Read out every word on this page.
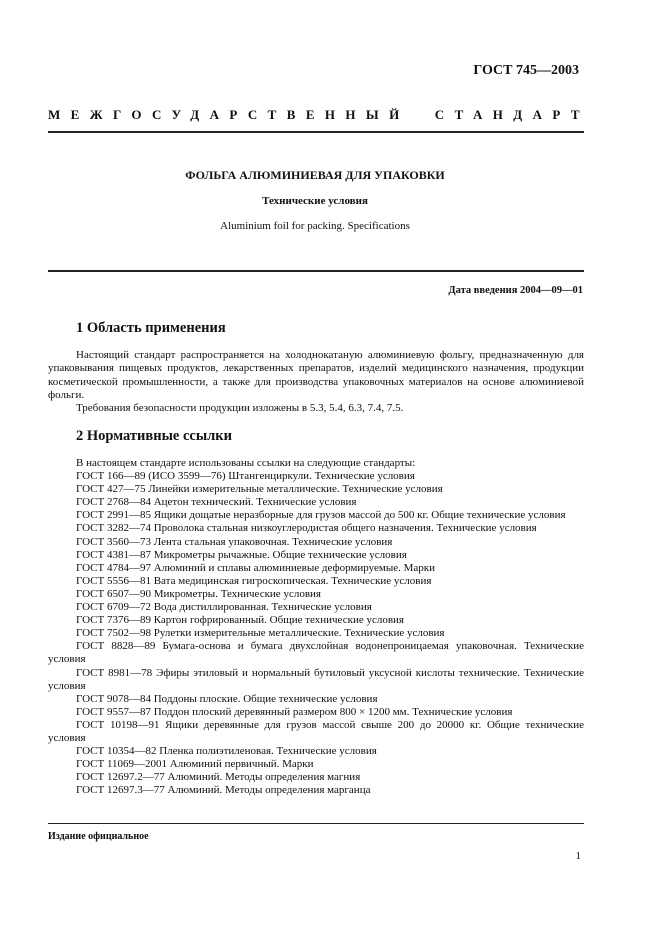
ГОСТ 745—2003
МЕЖГОСУДАРСТВЕННЫЙ СТАНДАРТ
ФОЛЬГА АЛЮМИНИЕВАЯ ДЛЯ УПАКОВКИ
Технические условия
Aluminium foil for packing. Specifications
Дата введения 2004—09—01
1 Область применения

Настоящий стандарт распространяется на холоднокатаную алюминиевую фольгу, предназначенную для упаковывания пищевых продуктов, лекарственных препаратов, изделий медицинского назначения, продукции косметической промышленности, а также для производства упаковочных материалов на основе алюминиевой фольги.

Требования безопасности продукции изложены в 5.3, 5.4, 6.3, 7.4, 7.5.

2 Нормативные ссылки

В настоящем стандарте использованы ссылки на следующие стандарты:

ГОСТ 166—89 (ИСО 3599—76) Штангенциркули. Технические условия

ГОСТ 427—75 Линейки измерительные металлические. Технические условия

ГОСТ 2768—84 Ацетон технический. Технические условия

ГОСТ 2991—85 Ящики дощатые неразборные для грузов массой до 500 кг. Общие технические условия

ГОСТ 3282—74 Проволока стальная низкоуглеродистая общего назначения. Технические условия

ГОСТ 3560—73 Лента стальная упаковочная. Технические условия

ГОСТ 4381—87 Микрометры рычажные. Общие технические условия

ГОСТ 4784—97 Алюминий и сплавы алюминиевые деформируемые. Марки

ГОСТ 5556—81 Вата медицинская гигроскопическая. Технические условия

ГОСТ 6507—90 Микрометры. Технические условия

ГОСТ 6709—72 Вода дистиллированная. Технические условия

ГОСТ 7376—89 Картон гофрированный. Общие технические условия

ГОСТ 7502—98 Рулетки измерительные металлические. Технические условия

ГОСТ 8828—89 Бумага-основа и бумага двухслойная водонепроницаемая упаковочная. Технические условия

ГОСТ 8981—78 Эфиры этиловый и нормальный бутиловый уксусной кислоты технические. Технические условия

ГОСТ 9078—84 Поддоны плоские. Общие технические условия

ГОСТ 9557—87 Поддон плоский деревянный размером 800 × 1200 мм. Технические условия

ГОСТ 10198—91 Ящики деревянные для грузов массой свыше 200 до 20000 кг. Общие технические условия

ГОСТ 10354—82 Пленка полиэтиленовая. Технические условия

ГОСТ 11069—2001 Алюминий первичный. Марки

ГОСТ 12697.2—77 Алюминий. Методы определения магния

ГОСТ 12697.3—77 Алюминий. Методы определения марганца

Издание официальное
1
